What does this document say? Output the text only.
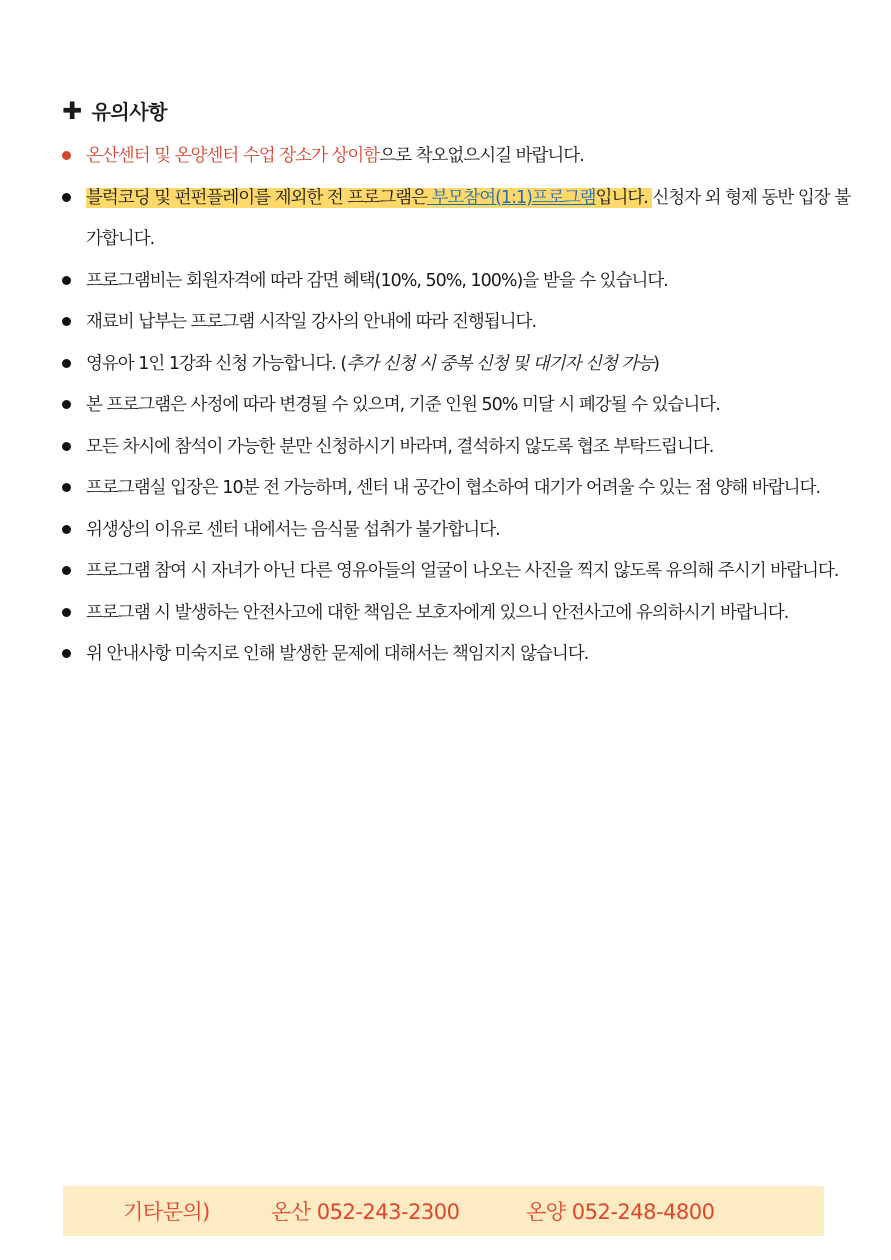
✚ 유의사항
온산센터 및 온양센터 수업 장소가 상이함으로 착오없으시길 바랍니다.
블럭코딩 및 펀펀플레이를 제외한 전 프로그램은 부모참여(1:1)프로그램입니다. 신청자 외 형제 동반 입장 불가합니다.
프로그램비는 회원자격에 따라 감면 혜택(10%, 50%, 100%)을 받을 수 있습니다.
재료비 납부는 프로그램 시작일 강사의 안내에 따라 진행됩니다.
영유아 1인 1강좌 신청 가능합니다. (추가 신청 시 중복 신청 및 대기자 신청 가능)
본 프로그램은 사정에 따라 변경될 수 있으며, 기준 인원 50% 미달 시 폐강될 수 있습니다.
모든 차시에 참석이 가능한 분만 신청하시기 바라며, 결석하지 않도록 협조 부탁드립니다.
프로그램실 입장은 10분 전 가능하며, 센터 내 공간이 협소하여 대기가 어려울 수 있는 점 양해 바랍니다.
위생상의 이유로 센터 내에서는 음식물 섭취가 불가합니다.
프로그램 참여 시 자녀가 아닌 다른 영유아들의 얼굴이 나오는 사진을 찍지 않도록 유의해 주시기 바랍니다.
프로그램 시 발생하는 안전사고에 대한 책임은 보호자에게 있으니 안전사고에 유의하시기 바랍니다.
위 안내사항 미숙지로 인해 발생한 문제에 대해서는 책임지지 않습니다.
기타문의)	온산 052-243-2300	온양 052-248-4800
